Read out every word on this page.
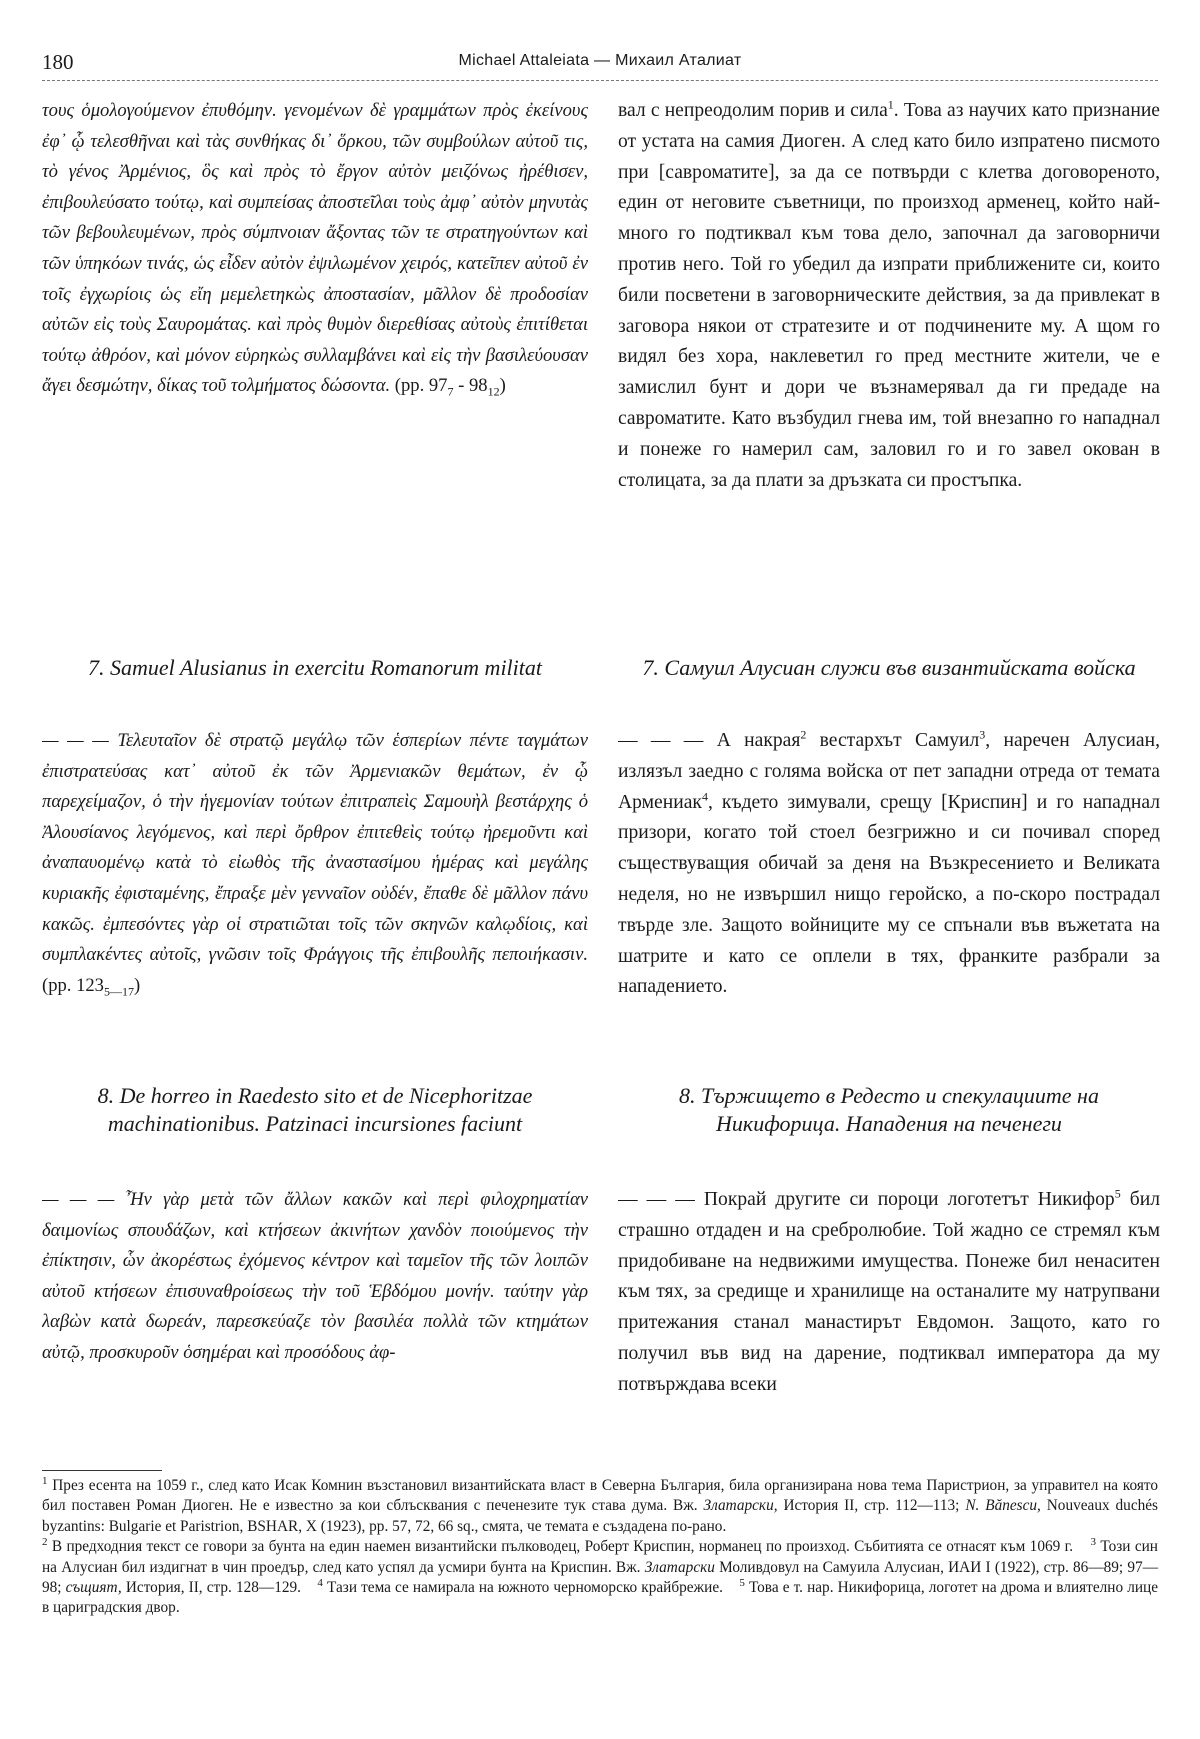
180	Michael Attaleiata — Михаил Аталиат

τους ὁμολογούμενον ἐπυθόμην. γενομένων δὲ γραμμάτων πρὸς ἐκείνους ἐφ᾽ ᾧ τελεσθῆναι καὶ τὰς συνθήκας δι᾽ ὅρκου, τῶν συμβούλων αὐτοῦ τις, τὸ γένος Ἀρμένιος, ὃς καὶ πρὸς τὸ ἔργον αὐτὸν μειζόνως ἠρέθισεν, ἐπιβουλεύσατο τούτῳ, καὶ συμπείσας ἀποστεῖλαι τοὺς ἀμφ᾽ αὐτὸν μηνυτὰς τῶν βεβουλευμένων, πρὸς σύμπνοιαν ἄξοντας τῶν τε στρατηγούντων καὶ τῶν ὑπηκόων τινάς, ὡς εἶδεν αὐτὸν ἐψιλωμένον χειρός, κατεῖπεν αὐτοῦ ἐν τοῖς ἐγχωρίοις ὡς εἴη μεμελετηκὼς ἀποστασίαν, μᾶλλον δὲ προδοσίαν αὐτῶν εἰς τοὺς Σαυρομάτας. καὶ πρὸς θυμὸν διερεθίσας αὐτοὺς ἐπιτίθεται τούτῳ ἀθρόον, καὶ μόνον εὑρηκὼς συλλαμβάνει καὶ εἰς τὴν βασιλεύουσαν ἄγει δεσμώτην, δίκας τοῦ τολμήματος δώσοντα. (pp. $97_7 - 98_{12}$)

вал с непреодолим порив и сила$^1$. Това аз научих като признание от устата на самия Диоген. А след като било изпратено писмото при [савроматите], за да се потвърди с клетва договореното, един от неговите съветници, по произход арменец, който най-много го подтиквал към това дело, започнал да заговорничи против него. Той го убедил да изпрати приближените си, които били посветени в заговорническите действия, за да привлекат в заговора някои от стратезите и от подчинените му. А щом го видял без хора, наклеветил го пред местните жители, че е замислил бунт и дори че възнамерявал да ги предаде на савроматите. Като възбудил гнева им, той внезапно го нападнал и понеже го намерил сам, заловил го и го завел окован в столицата, за да плати за дръзката си простъпка.

7. Samuel Alusianus in exercitu Romanorum militat	7. Самуил Алусиан служи във византийската войска

— — — Τελευταῖον δὲ στρατῷ μεγάλῳ τῶν ἑσπερίων πέντε ταγμάτων ἐπιστρατεύσας κατ᾽ αὐτοῦ ἐκ τῶν Ἀρμενιακῶν θεμάτων, ἐν ᾧ παρεχείμαζον, ὁ τὴν ἡγεμονίαν τούτων ἐπιτραπεὶς Σαμουὴλ βεστάρχης ὁ Ἀλουσίανος λεγόμενος, καὶ περὶ ὄρθρον ἐπιτεθεὶς τούτῳ ἠρεμοῦντι καὶ ἀναπαυομένῳ κατὰ τὸ εἰωθὸς τῆς ἀναστασίμου ἡμέρας καὶ μεγάλης κυριακῆς ἐφισταμένης, ἔπραξε μὲν γενναῖον οὐδέν, ἔπαθε δὲ μᾶλλον πάνυ κακῶς. ἐμπεσόντες γὰρ οἱ στρατιῶται τοῖς τῶν σκηνῶν καλῳδίοις, καὶ συμπλακέντες αὐτοῖς, γνῶσιν τοῖς Φράγγοις τῆς ἐπιβουλῆς πεποιήκασιν. (pp. $123_{5—17}$)

— — — А накрая$^2$ вестархът Самуил$^3$, наречен Алусиан, излязъл заедно с голяма войска от пет западни отреда от темата Армениак$^4$, където зимували, срещу [Криспин] и го нападнал призори, когато той стоел безгрижно и си почивал според съществуващия обичай за деня на Възкресението и Великата неделя, но не извършил нищо геройско, а по-скоро пострадал твърде зле. Защото войниците му се спънали във въжетата на шатрите и като се оплели в тях, франките разбрали за нападението.

8. De horreo in Raedesto sito et de Nicephoritzae machinationibus. Patzinaci incursiones faciunt

8. Тържището в Редесто и спекулациите на Никифорица. Нападения на печенеги

— — — Ἦν γὰρ μετὰ τῶν ἄλλων κακῶν καὶ περὶ φιλοχρηματίαν δαιμονίως σπουδάζων, καὶ κτήσεων ἀκινήτων χανδὸν ποιούμενος τὴν ἐπίκτησιν, ὧν ἀκορέστως ἐχόμενος κέντρον καὶ ταμεῖον τῆς τῶν λοιπῶν αὐτοῦ κτήσεων ἐπισυναθροίσεως τὴν τοῦ Ἑβδόμου μονήν. ταύτην γὰρ λαβὼν κατὰ δωρεάν, παρεσκεύαζε τὸν βασιλέα πολλὰ τῶν κτημάτων αὐτῷ, προσκυροῦν ὁσημέραι καὶ προσόδους ἀφ-

— — — Покрай другите си пороци логотетът Никифор$^5$ бил страшно отдаден и на сребролюбие. Той жадно се стремял към придобиване на недвижими имущества. Понеже бил ненаситен към тях, за средище и хранилище на останалите му натрупвани притежания станал манастирът Евдомон. Защото, като го получил във вид на дарение, подтиквал императора да му потвърждава всеки

$^1$ През есента на 1059 г., след като Исак Комнин възстановил византийската власт в Северна България, била организирана нова тема Паристрион, за управител на която бил поставен Роман Диоген. Не е известно за кои сблъсквания с печенезите тук става дума. Вж. Златарски, История II, стр. 112—113; N. Bănescu, Nouveaux duchés byzantins: Bulgarie et Paristrion, BSHAR, X (1923), pp. 57, 72, 66 sq., смята, че темата е създадена по-рано.

$^2$ В предходния текст се говори за бунта на един наемен византийски пълководец, Роберт Криспин, норманец по произход. Събитията се отнасят към 1069 г. $^3$ Този син на Алусиан бил издигнат в чин проедър, след като успял да усмири бунта на Криспин. Вж. Златарски Моливдовул на Самуила Алусиан, ИАИ I (1922), стр. 86—89; 97—98; същият, История, II, стр. 128—129. $^4$ Тази тема се намирала на южното черноморско крайбрежие. $^5$ Това е т. нар. Никифорица, логотет на дрома и влиятелно лице в цариградския двор.
